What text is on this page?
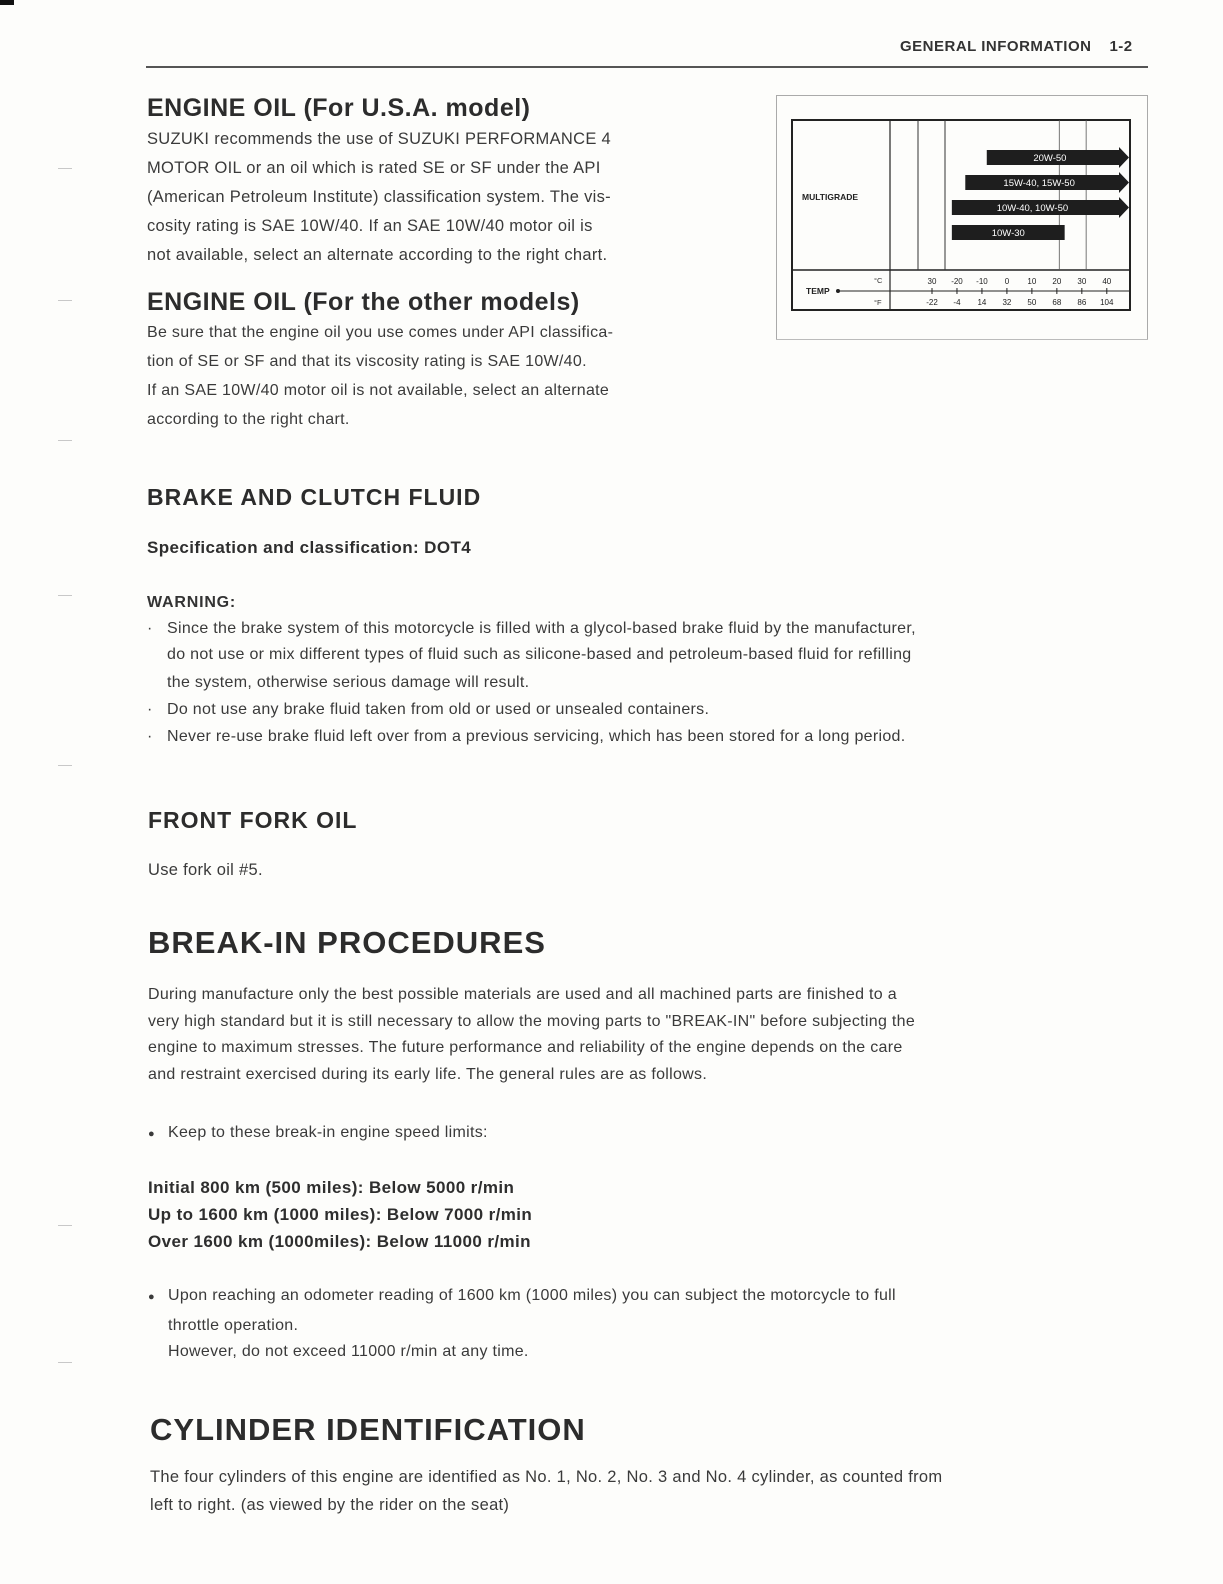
GENERAL INFORMATION 1-2
ENGINE OIL (For U.S.A. model)
SUZUKI recommends the use of SUZUKI PERFORMANCE 4
MOTOR OIL or an oil which is rated SE or SF under the API
(American Petroleum Institute) classification system. The vis-
cosity rating is SAE 10W/40. If an SAE 10W/40 motor oil is
not available, select an alternate according to the right chart.
ENGINE OIL (For the other models)
Be sure that the engine oil you use comes under API classifica-
tion of SE or SF and that its viscosity rating is SAE 10W/40.
If an SAE 10W/40 motor oil is not available, select an alternate
according to the right chart.
MULTIGRADE
20W-50
15W-40, 15W-50
10W-40, 10W-50
10W-30
TEMP
°C
°F
30
-22
-20
-4
-10
14
0
32
10
50
20
68
30
86
40
104
BRAKE AND CLUTCH FLUID
Specification and classification: DOT4
WARNING:
· Since the brake system of this motorcycle is filled with a glycol-based brake fluid by the manufacturer,
do not use or mix different types of fluid such as silicone-based and petroleum-based fluid for refilling
the system, otherwise serious damage will result.
· Do not use any brake fluid taken from old or used or unsealed containers.
· Never re-use brake fluid left over from a previous servicing, which has been stored for a long period.
FRONT FORK OIL
Use fork oil #5.
BREAK-IN PROCEDURES
During manufacture only the best possible materials are used and all machined parts are finished to a
very high standard but it is still necessary to allow the moving parts to "BREAK-IN" before subjecting the
engine to maximum stresses. The future performance and reliability of the engine depends on the care
and restraint exercised during its early life. The general rules are as follows.
● Keep to these break-in engine speed limits:
Initial 800 km (500 miles): Below 5000 r/min
Up to 1600 km (1000 miles): Below 7000 r/min
Over 1600 km (1000miles): Below 11000 r/min
● Upon reaching an odometer reading of 1600 km (1000 miles) you can subject the motorcycle to full
throttle operation.
However, do not exceed 11000 r/min at any time.
CYLINDER IDENTIFICATION
The four cylinders of this engine are identified as No. 1, No. 2, No. 3 and No. 4 cylinder, as counted from
left to right. (as viewed by the rider on the seat)
